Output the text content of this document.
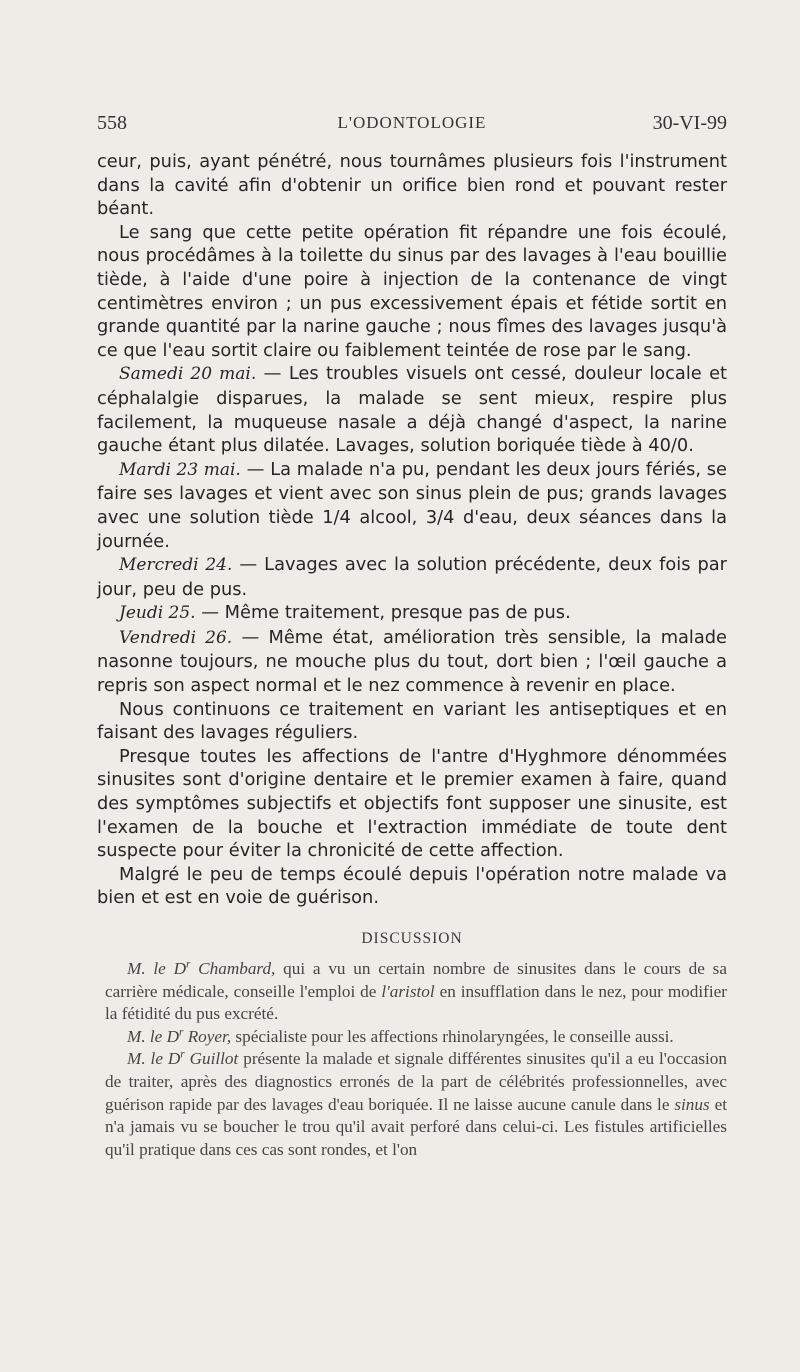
558	L'ODONTOLOGIE	30-VI-99

ceur, puis, ayant pénétré, nous tournâmes plusieurs fois l'instrument dans la cavité afin d'obtenir un orifice bien rond et pouvant rester béant.

Le sang que cette petite opération fit répandre une fois écoulé, nous procédâmes à la toilette du sinus par des lavages à l'eau bouillie tiède, à l'aide d'une poire à injection de la contenance de vingt centimètres environ ; un pus excessivement épais et fétide sortit en grande quantité par la narine gauche ; nous fîmes des lavages jusqu'à ce que l'eau sortit claire ou faiblement teintée de rose par le sang.

Samedi 20 mai. — Les troubles visuels ont cessé, douleur locale et céphalalgie disparues, la malade se sent mieux, respire plus facilement, la muqueuse nasale a déjà changé d'aspect, la narine gauche étant plus dilatée. Lavages, solution boriquée tiède à 40/0.

Mardi 23 mai. — La malade n'a pu, pendant les deux jours fériés, se faire ses lavages et vient avec son sinus plein de pus; grands lavages avec une solution tiède 1/4 alcool, 3/4 d'eau, deux séances dans la journée.

Mercredi 24. — Lavages avec la solution précédente, deux fois par jour, peu de pus.

Jeudi 25. — Même traitement, presque pas de pus.

Vendredi 26. — Même état, amélioration très sensible, la malade nasonne toujours, ne mouche plus du tout, dort bien ; l'œil gauche a repris son aspect normal et le nez commence à revenir en place.

Nous continuons ce traitement en variant les antiseptiques et en faisant des lavages réguliers.

Presque toutes les affections de l'antre d'Hyghmore dénommées sinusites sont d'origine dentaire et le premier examen à faire, quand des symptômes subjectifs et objectifs font supposer une sinusite, est l'examen de la bouche et l'extraction immédiate de toute dent suspecte pour éviter la chronicité de cette affection.

Malgré le peu de temps écoulé depuis l'opération notre malade va bien et est en voie de guérison.

DISCUSSION

M. le $D^r$ Chambard, qui a vu un certain nombre de sinusites dans le cours de sa carrière médicale, conseille l'emploi de l'aristol en insufflation dans le nez, pour modifier la fétidité du pus excrété.

M. le $D^r$ Royer, spécialiste pour les affections rhinolaryngées, le conseille aussi.

M. le $D^r$ Guillot présente la malade et signale différentes sinusites qu'il a eu l'occasion de traiter, après des diagnostics erronés de la part de célébrités professionnelles, avec guérison rapide par des lavages d'eau boriquée. Il ne laisse aucune canule dans le sinus et n'a jamais vu se boucher le trou qu'il avait perforé dans celui-ci. Les fistules artificielles qu'il pratique dans ces cas sont rondes, et l'on
